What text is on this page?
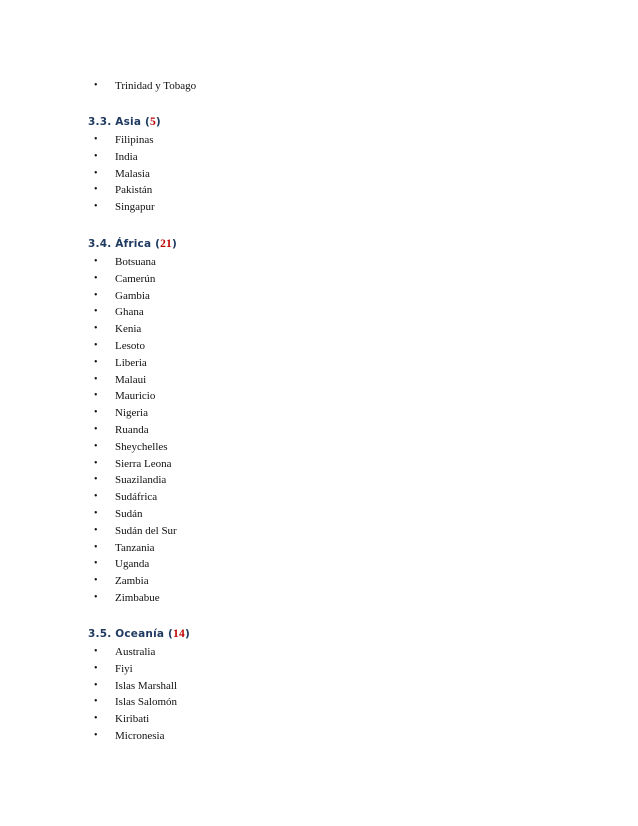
•	Trinidad y Tobago
3.3. Asia (5)
•	Filipinas
•	India
•	Malasia
•	Pakistán
•	Singapur
3.4. África (21)
•	Botsuana
•	Camerún
•	Gambia
•	Ghana
•	Kenia
•	Lesoto
•	Liberia
•	Malaui
•	Mauricio
•	Nigeria
•	Ruanda
•	Sheychelles
•	Sierra Leona
•	Suazilandia
•	Sudáfrica
•	Sudán
•	Sudán del Sur
•	Tanzania
•	Uganda
•	Zambia
•	Zimbabue
3.5. Oceanía (14)
•	Australia
•	Fiyi
•	Islas Marshall
•	Islas Salomón
•	Kiribati
•	Micronesia
